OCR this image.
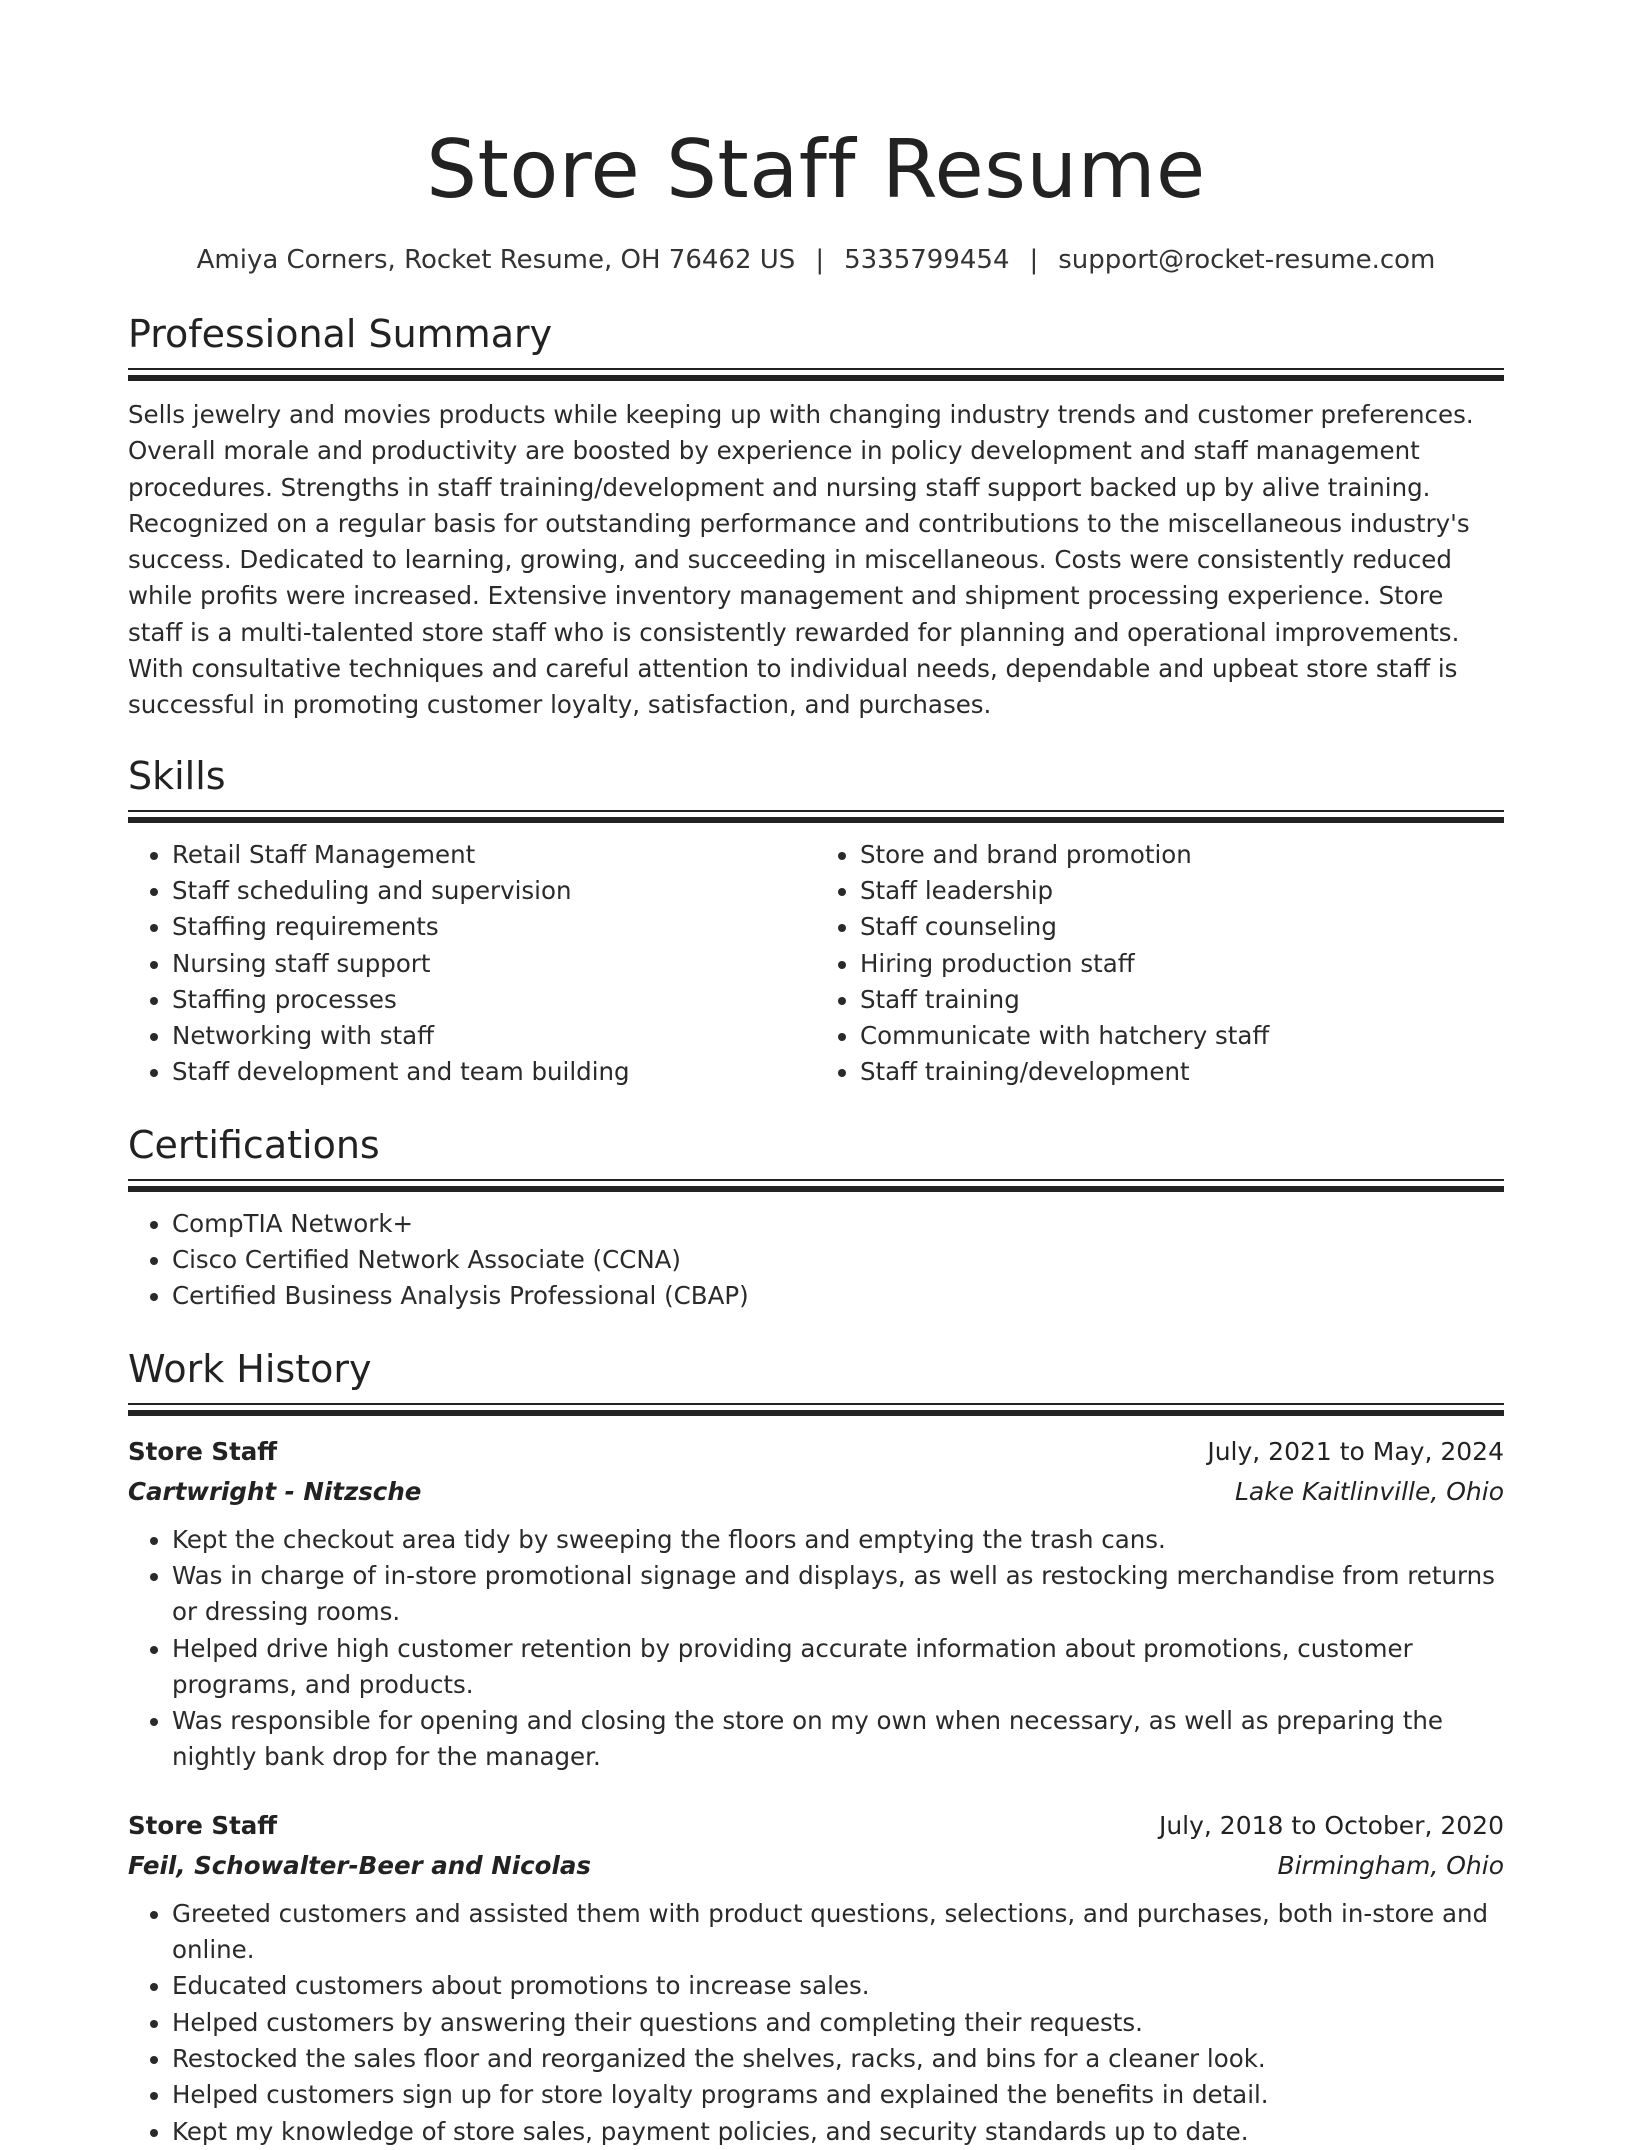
Store Staff Resume
Amiya Corners, Rocket Resume, OH 76462 US | 5335799454 | support@rocket-resume.com
Professional Summary

Sells jewelry and movies products while keeping up with changing industry trends and customer preferences. Overall morale and productivity are boosted by experience in policy development and staff management procedures. Strengths in staff training/development and nursing staff support backed up by alive training. Recognized on a regular basis for outstanding performance and contributions to the miscellaneous industry's success. Dedicated to learning, growing, and succeeding in miscellaneous. Costs were consistently reduced while profits were increased. Extensive inventory management and shipment processing experience. Store staff is a multi-talented store staff who is consistently rewarded for planning and operational improvements. With consultative techniques and careful attention to individual needs, dependable and upbeat store staff is successful in promoting customer loyalty, satisfaction, and purchases.

Skills
• Retail Staff Management
• Staff scheduling and supervision
• Staffing requirements
• Nursing staff support
• Staffing processes
• Networking with staff
• Staff development and team building
• Store and brand promotion
• Staff leadership
• Staff counseling
• Hiring production staff
• Staff training
• Communicate with hatchery staff
• Staff training/development
Certifications
• CompTIA Network+
• Cisco Certified Network Associate (CCNA)
• Certified Business Analysis Professional (CBAP)
Work History
Store Staff	July, 2021 to May, 2024
Cartwright - Nitzsche	Lake Kaitlinville, Ohio
• Kept the checkout area tidy by sweeping the floors and emptying the trash cans.
• Was in charge of in-store promotional signage and displays, as well as restocking merchandise from returns or dressing rooms.
• Helped drive high customer retention by providing accurate information about promotions, customer programs, and products.
• Was responsible for opening and closing the store on my own when necessary, as well as preparing the nightly bank drop for the manager.
Store Staff	July, 2018 to October, 2020
Feil, Schowalter-Beer and Nicolas	Birmingham, Ohio
• Greeted customers and assisted them with product questions, selections, and purchases, both in-store and online.
• Educated customers about promotions to increase sales.
• Helped customers by answering their questions and completing their requests.
• Restocked the sales floor and reorganized the shelves, racks, and bins for a cleaner look.
• Helped customers sign up for store loyalty programs and explained the benefits in detail.
• Kept my knowledge of store sales, payment policies, and security standards up to date.
